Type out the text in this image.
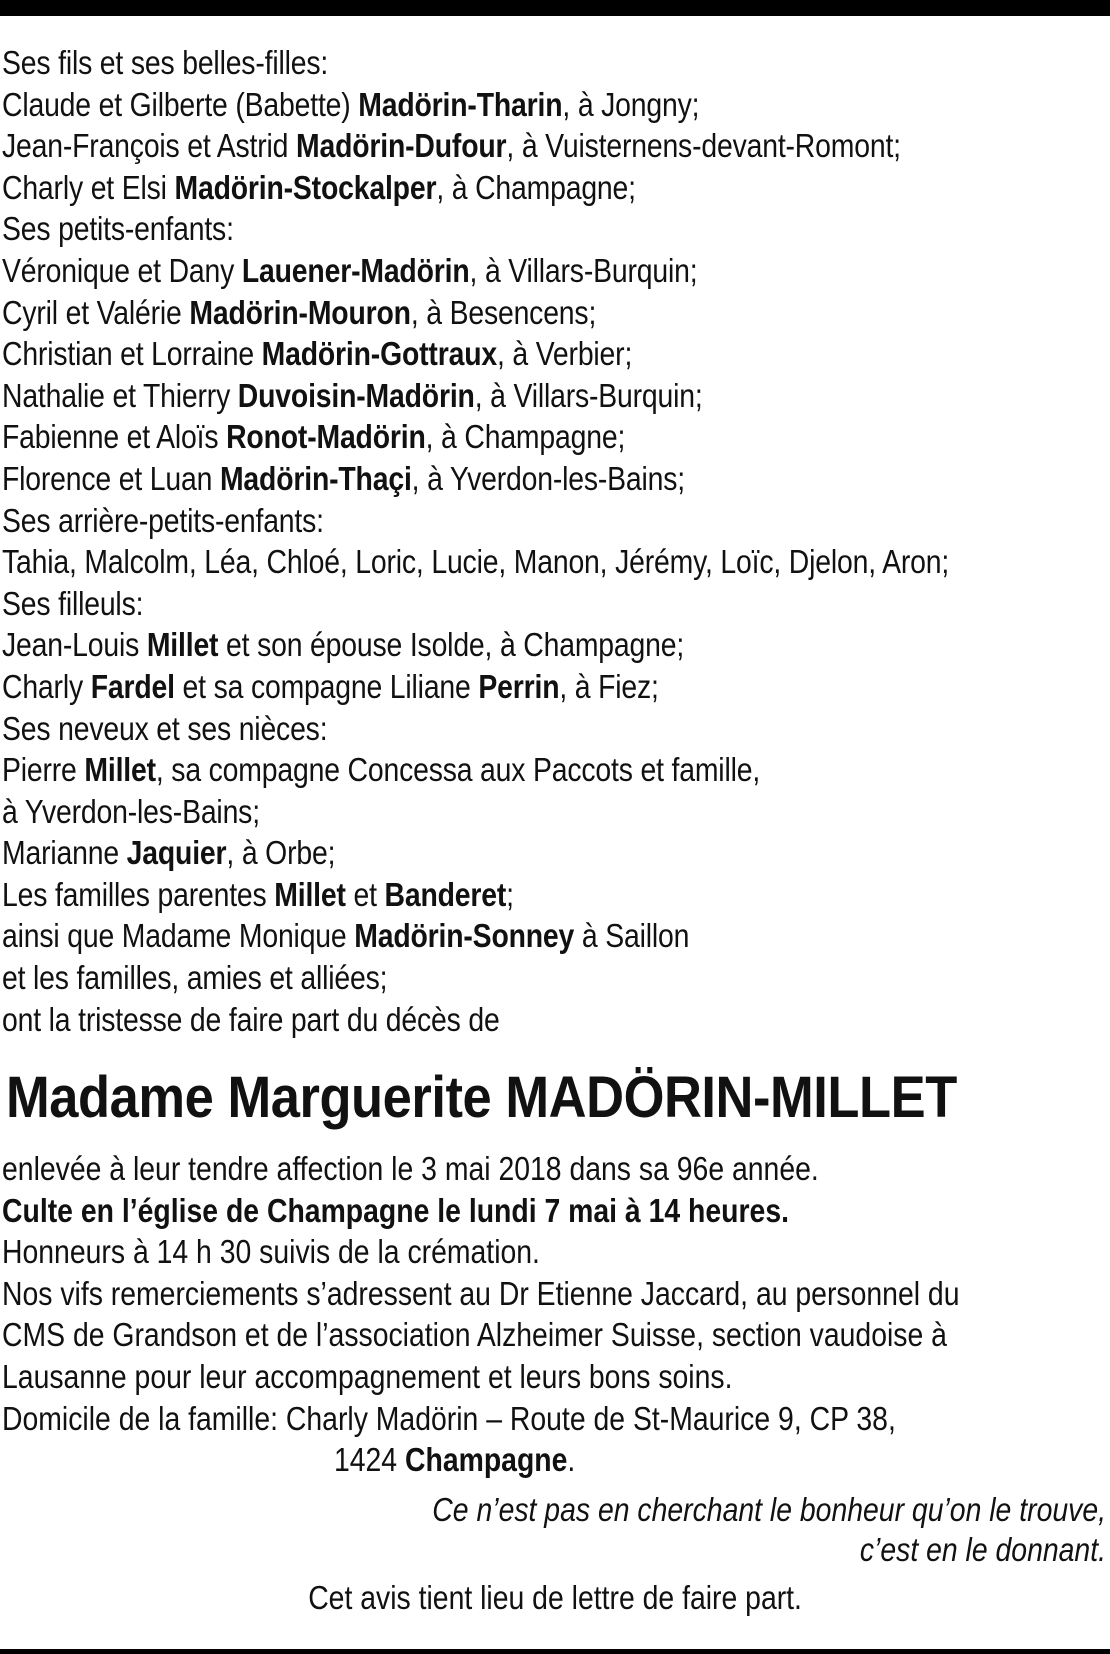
Ses fils et ses belles-filles:
Claude et Gilberte (Babette) Madörin-Tharin, à Jongny;
Jean-François et Astrid Madörin-Dufour, à Vuisternens-devant-Romont;
Charly et Elsi Madörin-Stockalper, à Champagne;
Ses petits-enfants:
Véronique et Dany Lauener-Madörin, à Villars-Burquin;
Cyril et Valérie Madörin-Mouron, à Besencens;
Christian et Lorraine Madörin-Gottraux, à Verbier;
Nathalie et Thierry Duvoisin-Madörin, à Villars-Burquin;
Fabienne et Aloïs Ronot-Madörin, à Champagne;
Florence et Luan Madörin-Thaçi, à Yverdon-les-Bains;
Ses arrière-petits-enfants:
Tahia, Malcolm, Léa, Chloé, Loric, Lucie, Manon, Jérémy, Loïc, Djelon, Aron;
Ses filleuls:
Jean-Louis Millet et son épouse Isolde, à Champagne;
Charly Fardel et sa compagne Liliane Perrin, à Fiez;
Ses neveux et ses nièces:
Pierre Millet, sa compagne Concessa aux Paccots et famille,
à Yverdon-les-Bains;
Marianne Jaquier, à Orbe;
Les familles parentes Millet et Banderet;
ainsi que Madame Monique Madörin-Sonney à Saillon
et les familles, amies et alliées;
ont la tristesse de faire part du décès de
Madame Marguerite MADÖRIN-MILLET
enlevée à leur tendre affection le 3 mai 2018 dans sa 96e année.
Culte en l’église de Champagne le lundi 7 mai à 14 heures.
Honneurs à 14 h 30 suivis de la crémation.
Nos vifs remerciements s’adressent au Dr Etienne Jaccard, au personnel du
CMS de Grandson et de l’association Alzheimer Suisse, section vaudoise à
Lausanne pour leur accompagnement et leurs bons soins.
Domicile de la famille: Charly Madörin – Route de St-Maurice 9, CP 38,
1424 Champagne.
Ce n’est pas en cherchant le bonheur qu’on le trouve,
c’est en le donnant.
Cet avis tient lieu de lettre de faire part.
